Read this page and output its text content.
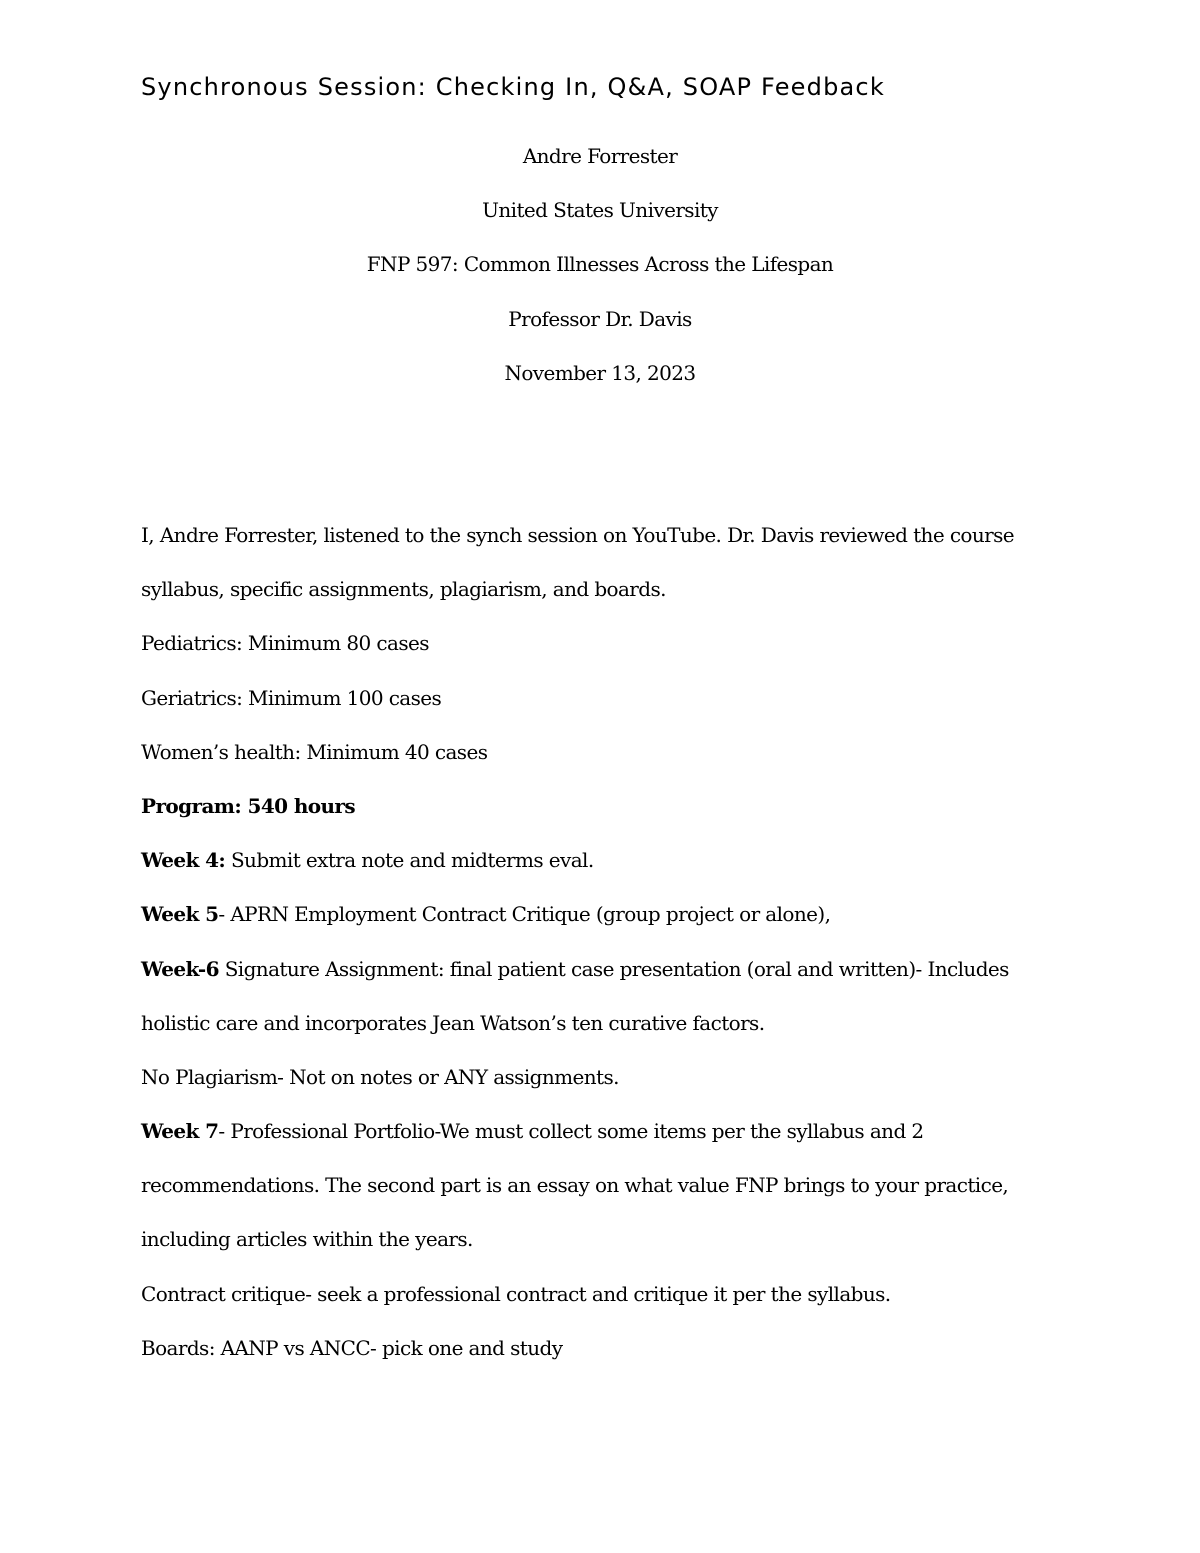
Synchronous Session: Checking In, Q&A, SOAP Feedback
Andre Forrester
United States University
FNP 597: Common Illnesses Across the Lifespan
Professor Dr. Davis
November 13, 2023
I, Andre Forrester, listened to the synch session on YouTube. Dr. Davis reviewed the course
syllabus, specific assignments, plagiarism, and boards.
Pediatrics: Minimum 80 cases
Geriatrics: Minimum 100 cases
Women’s health: Minimum 40 cases
Program: 540 hours
Week 4: Submit extra note and midterms eval.
Week 5- APRN Employment Contract Critique (group project or alone),
Week-6 Signature Assignment: final patient case presentation (oral and written)- Includes
holistic care and incorporates Jean Watson’s ten curative factors.
No Plagiarism- Not on notes or ANY assignments.
Week 7- Professional Portfolio-We must collect some items per the syllabus and 2
recommendations. The second part is an essay on what value FNP brings to your practice,
including articles within the years.
Contract critique- seek a professional contract and critique it per the syllabus.
Boards: AANP vs ANCC- pick one and study
